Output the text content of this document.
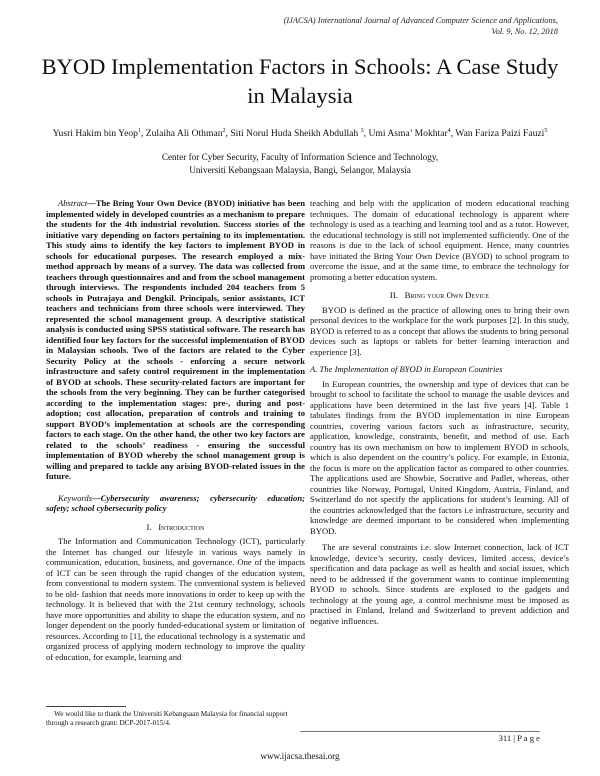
(IJACSA) International Journal of Advanced Computer Science and Applications,
Vol. 9, No. 12, 2018
BYOD Implementation Factors in Schools: A Case Study in Malaysia
Yusri Hakim bin Yeop$^1$, Zulaiha Ali Othman$^2$, Siti Norul Huda Sheikh Abdullah $^3$, Umi Asma’ Mokhtar$^4$, Wan Fariza Paizi Fauzi$^5$
Center for Cyber Security, Faculty of Information Science and Technology,
Universiti Kebangsaan Malaysia, Bangi, Selangor, Malaysia

Abstract—The Bring Your Own Device (BYOD) initiative has been implemented widely in developed countries as a mechanism to prepare the students for the 4th industrial revolution. Success stories of the initiative vary depending on factors pertaining to its implementation. This study aims to identify the key factors to implement BYOD in schools for educational purposes. The research employed a mix-method approach by means of a survey. The data was collected from teachers through questionnaires and and from the school management through interviews. The respondents included 204 teachers from 5 schools in Putrajaya and Dengkil. Principals, senior assistants, ICT teachers and technicians from three schools were interviewed. They represented the school management group. A descriptive statistical analysis is conducted using SPSS statistical software. The research has identified four key factors for the successful implementation of BYOD in Malaysian schools. Two of the factors are related to the Cyber Security Policy at the schools - enforcing a secure network infrastructure and safety control requirement in the implementation of BYOD at schools. These security-related factors are important for the schools from the very beginning. They can be further categorised according to the implementation stages: pre-, during and post-adoption; cost allocation, preparation of controls and training to support BYOD’s implementation at schools are the corresponding factors to each stage. On the other hand, the other two key factors are related to the schools’ readiness - ensuring the successful implementation of BYOD whereby the school management group is willing and prepared to tackle any arising BYOD-related issues in the future.

Keywords—Cybersecurity awareness; cybersecurity education; safety; school cybersecurity policy

I. Introduction

The Information and Communication Technology (ICT), particularly the Internet has changed our lifestyle in various ways namely in communication, education, business, and governance. One of the impacts of ICT can be seen through the rapid changes of the education system, from conventional to modern system. The conventional system is believed to be old- fashion that needs more innovations in order to keep up with the technology. It is believed that with the 21st century technology, schools have more opportunities and ability to shape the education system, and no longer dependent on the poorly funded-educational system or limitation of resources. According to [1], the educational technology is a systematic and organized process of applying modern technology to improve the quality of education, for example, learning and

teaching and help with the application of modern educational teaching techniques. The domain of educational technology is apparent where technology is used as a teaching and learning tool and as a tutor. However, the educational technology is still not implemented sufficiently. One of the reasons is due to the lack of school equipment. Hence, many countries have initiated the Bring Your Own Device (BYOD) to school program to overcome the issue, and at the same time, to embrace the technology for promoting a better education system.

II. Bring your Own Device

BYOD is defined as the practice of allowing ones to bring their own personal devices to the workplace for the work purposes [2]. In this study, BYOD is referred to as a concept that allows the students to bring personal devices such as laptops or tablets for better learning interaction and experience [3].

A. The Implementation of BYOD in European Countries

In European countries, the ownership and type of devices that can be brought to school to facilitate the school to manage the usable devices and applications have been determined in the last five years [4]. Table 1 tabulates findings from the BYOD implementation in nine European countries, covering various factors such as infrastructure, security, application, knowledge, constraints, benefit, and method of use. Each country has its own mechanism on how to implement BYOD in schools, which is also dependent on the country’s policy. For example, in Estonia, the focus is more on the application factor as compared to other countries. The applications used are Showbie, Socrative and Padlet, whereas, other countries like Norway, Portugal, United Kingdom, Austria, Finland, and Switzerland do not specify the applications for student’s learning. All of the countries acknowledged that the factors i.e infrastructure, security and knowledge are deemed important to be considered when implementing BYOD.

The are several constraints i.e. slow Internet connection, lack of ICT knowledge, device’s security, costly devices, limited access, device’s specification and data package as well as health and social issues, which need to be addressed if the government wants to continue implementing BYOD to schools. Since students are explosed to the gadgets and technology at the young age, a control mechnisme must be imposed as practised in Finland, Ireland and Switzerland to prevent addiction and negative influences.

We would like to thank the Universiti Kebangsaan Malaysia for financial support through a research grant: DCP-2017-015/4.
311 | P a g e
www.ijacsa.thesai.org
